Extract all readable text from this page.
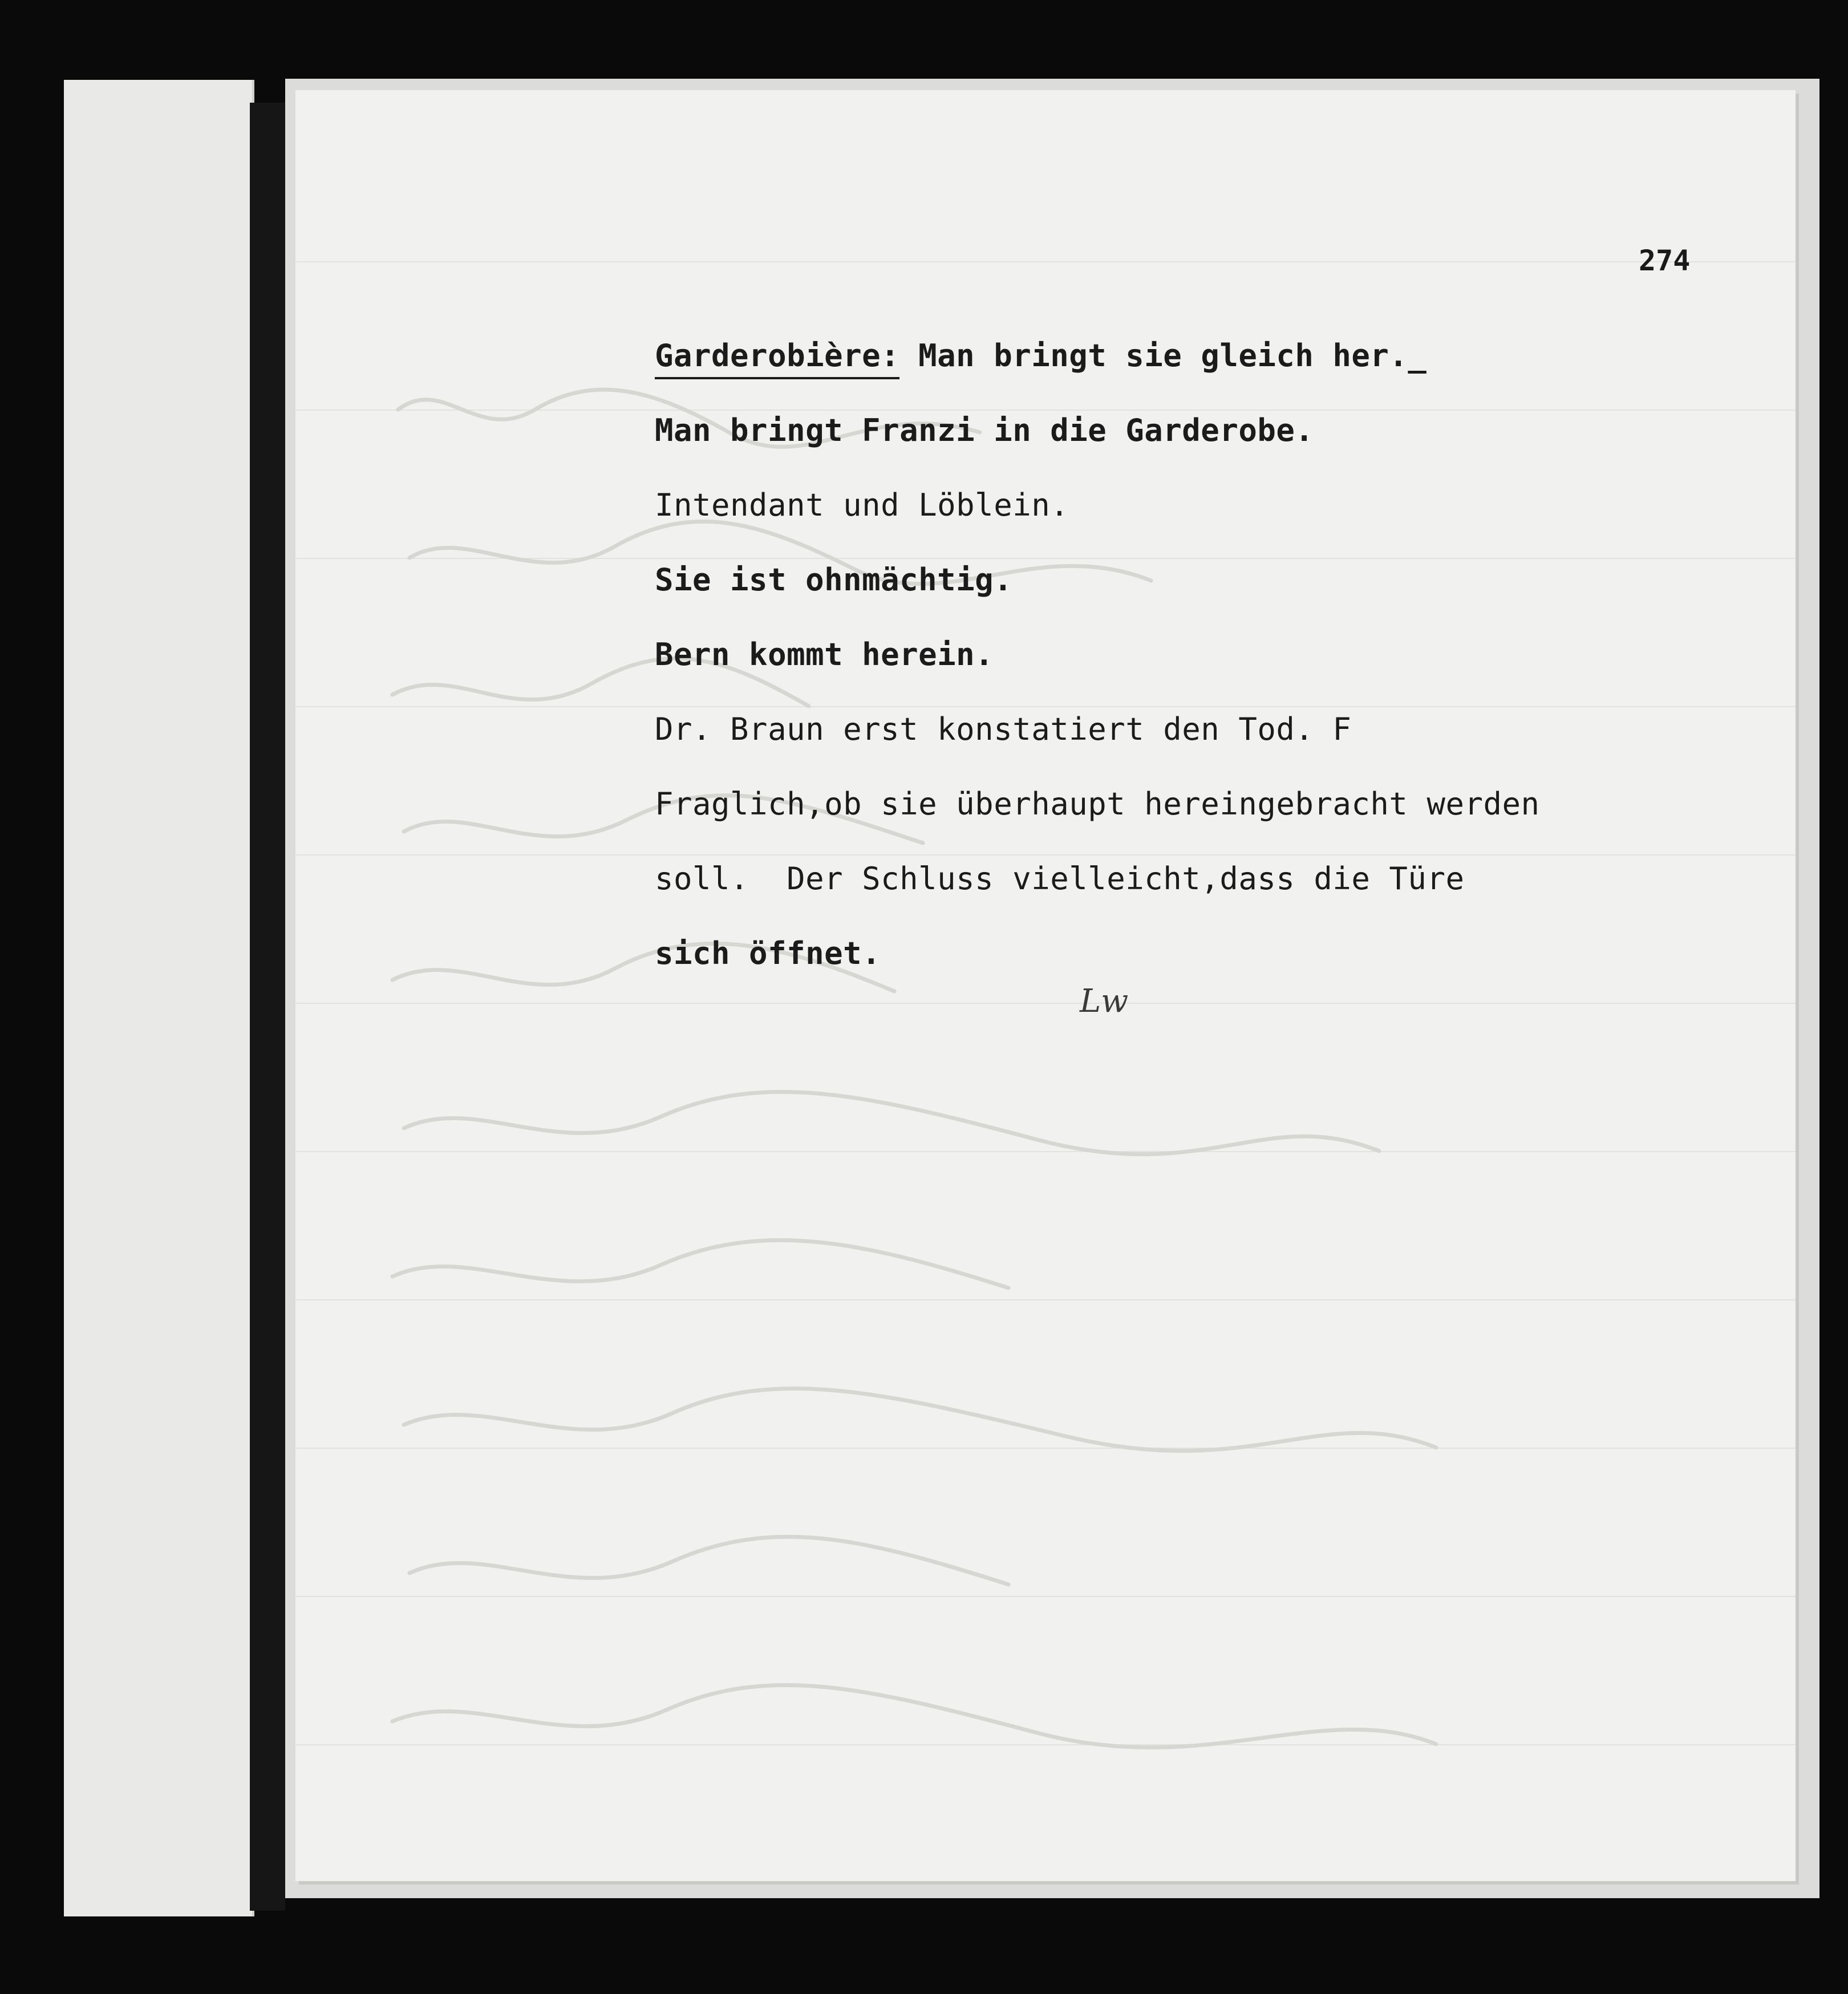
Lw
274
Garderobière: Man bringt sie gleich her._
Man bringt Franzi in die Garderobe.
Intendant und Löblein.
Sie ist ohnmächtig.
Bern kommt herein.
Dr. Braun erst konstatiert den Tod. F
Fraglich,ob sie überhaupt hereingebracht werden
soll.  Der Schluss vielleicht,dass die Türe
sich öffnet.
